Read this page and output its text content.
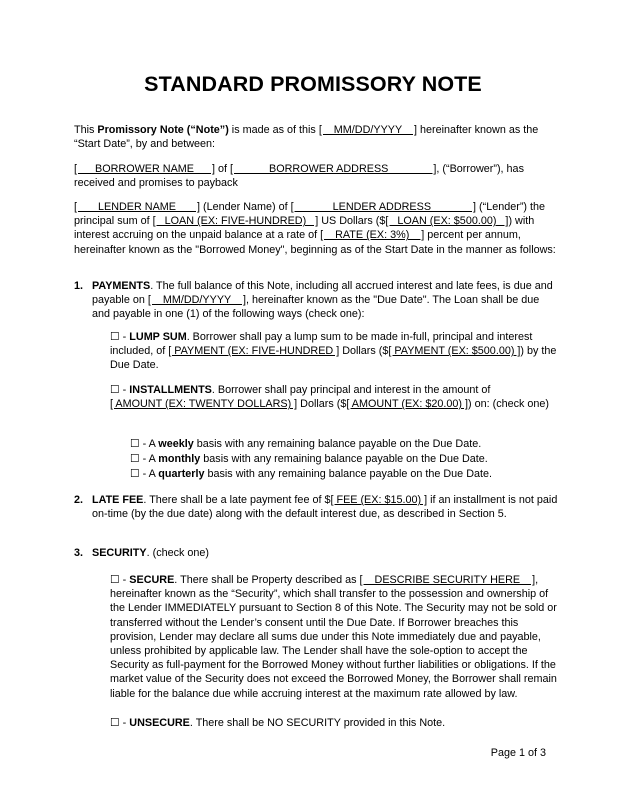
STANDARD PROMISSORY NOTE
This Promissory Note (“Note”) is made as of this [    MM/DD/YYYY    ] hereinafter known as the “Start Date”, by and between:
[      BORROWER NAME      ] of [            BORROWER ADDRESS               ], (“Borrower”), has received and promises to payback
[       LENDER NAME       ] (Lender Name) of [             LENDER ADDRESS              ] (“Lender”) the principal sum of [   LOAN (EX: FIVE-HUNDRED)   ] US Dollars ($[   LOAN (EX: $500.00)   ]) with interest accruing on the unpaid balance at a rate of [    RATE (EX: 3%)    ] percent per annum, hereinafter known as the "Borrowed Money", beginning as of the Start Date in the manner as follows:
1. PAYMENTS. The full balance of this Note, including all accrued interest and late fees, is due and payable on [    MM/DD/YYYY    ], hereinafter known as the "Due Date". The Loan shall be due and payable in one (1) of the following ways (check one):
☐ - LUMP SUM. Borrower shall pay a lump sum to be made in-full, principal and interest included, of [ PAYMENT (EX: FIVE-HUNDRED ] Dollars ($[ PAYMENT (EX: $500.00) ]) by the Due Date.
☐ - INSTALLMENTS. Borrower shall pay principal and interest in the amount of [ AMOUNT (EX: TWENTY DOLLARS) ] Dollars ($[ AMOUNT (EX: $20.00) ]) on: (check one)
☐ - A weekly basis with any remaining balance payable on the Due Date.
☐ - A monthly basis with any remaining balance payable on the Due Date.
☐ - A quarterly basis with any remaining balance payable on the Due Date.
2. LATE FEE. There shall be a late payment fee of $[ FEE (EX: $15.00) ] if an installment is not paid on-time (by the due date) along with the default interest due, as described in Section 5.
3. SECURITY. (check one)
☐ - SECURE. There shall be Property described as [    DESCRIBE SECURITY HERE    ], hereinafter known as the “Security”, which shall transfer to the possession and ownership of the Lender IMMEDIATELY pursuant to Section 8 of this Note. The Security may not be sold or transferred without the Lender’s consent until the Due Date. If Borrower breaches this provision, Lender may declare all sums due under this Note immediately due and payable, unless prohibited by applicable law. The Lender shall have the sole-option to accept the Security as full-payment for the Borrowed Money without further liabilities or obligations. If the market value of the Security does not exceed the Borrowed Money, the Borrower shall remain liable for the balance due while accruing interest at the maximum rate allowed by law.
☐ - UNSECURE. There shall be NO SECURITY provided in this Note.
Page 1 of 3
